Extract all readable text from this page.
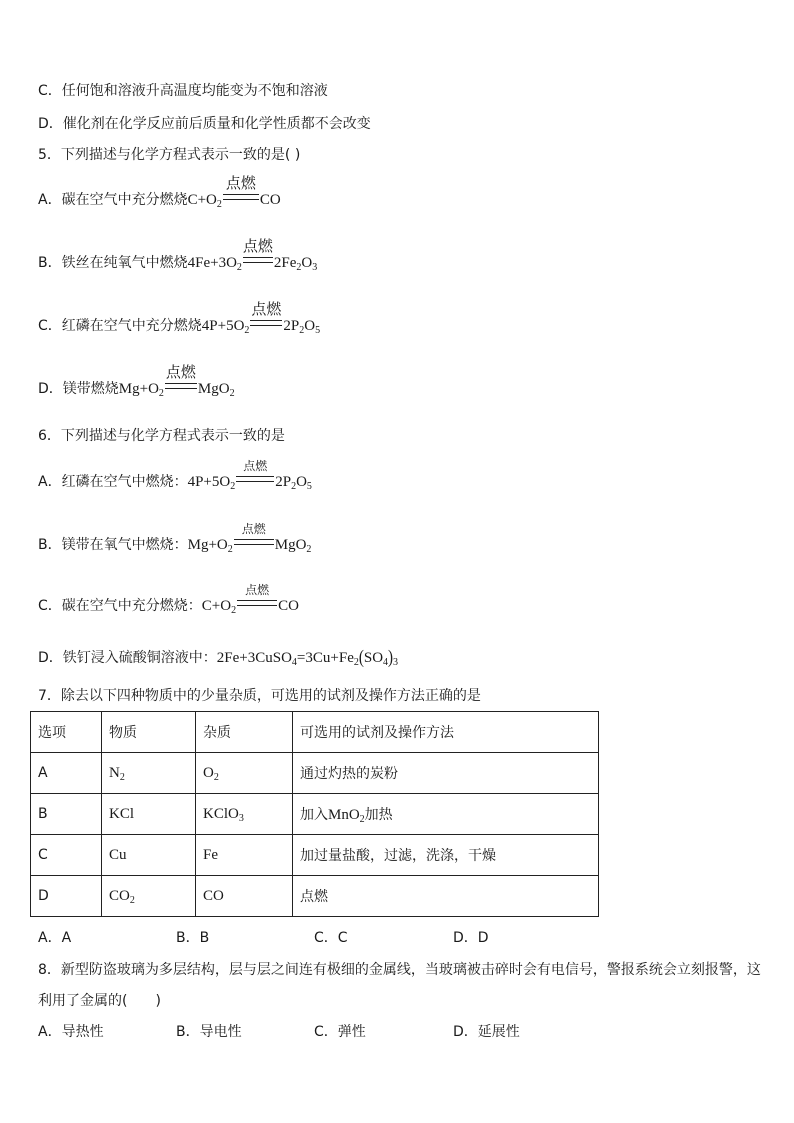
C．任何饱和溶液升高温度均能变为不饱和溶液
D．催化剂在化学反应前后质量和化学性质都不会改变
5．下列描述与化学方程式表示一致的是( )
A．碳在空气中充分燃烧$C+O_2$
点燃
CO
B．铁丝在纯氧气中燃烧$4Fe+3O_2$
点燃
$2Fe_2O_3$
C．红磷在空气中充分燃烧$4P+5O_2$
点燃
$2P_2O_5$
D．镁带燃烧$Mg+O_2$
点燃
MgO$_2$
6．下列描述与化学方程式表示一致的是
A．红磷在空气中燃烧：$4P+5O_2$
点燃
$2P_2O_5$
B．镁带在氧气中燃烧：$Mg+O_2$
点燃
MgO$_2$
C．碳在空气中充分燃烧：$C+O_2$
点燃
CO
D．铁钉浸入硫酸铜溶液中：$2Fe+3CuSO_4=3Cu+Fe_2(SO_4)_3$
7．除去以下四种物质中的少量杂质，可选用的试剂及操作方法正确的是
选项	物质	杂质	可选用的试剂及操作方法
A	$N_2$	$O_2$	通过灼热的炭粉
B	KCl	KClO$_3$	加入MnO$_2$加热
C	Cu	Fe	加过量盐酸，过滤，洗涤，干燥
D	$CO_2$	CO	点燃
A．A	B．B	C．C	D．D
8．新型防盗玻璃为多层结构，层与层之间连有极细的金属线，当玻璃被击碎时会有电信号，警报系统会立刻报警，这
利用了金属的(　　)
A．导热性	B．导电性	C．弹性	D．延展性
